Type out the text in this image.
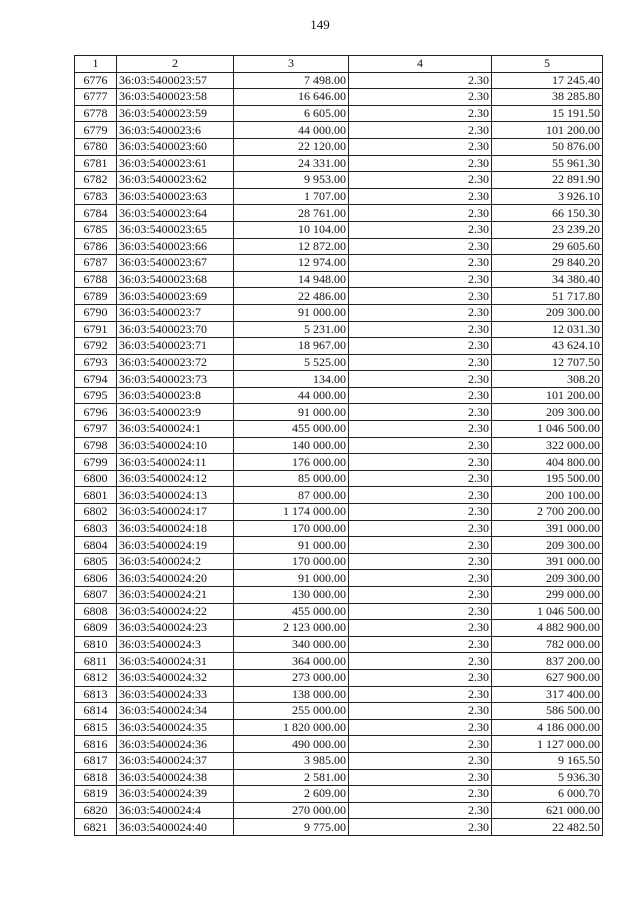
149
1	2	3	4	5
6776	36:03:5400023:57	7 498.00	2.30	17 245.40
6777	36:03:5400023:58	16 646.00	2.30	38 285.80
6778	36:03:5400023:59	6 605.00	2.30	15 191.50
6779	36:03:5400023:6	44 000.00	2.30	101 200.00
6780	36:03:5400023:60	22 120.00	2.30	50 876.00
6781	36:03:5400023:61	24 331.00	2.30	55 961.30
6782	36:03:5400023:62	9 953.00	2.30	22 891.90
6783	36:03:5400023:63	1 707.00	2.30	3 926.10
6784	36:03:5400023:64	28 761.00	2.30	66 150.30
6785	36:03:5400023:65	10 104.00	2.30	23 239.20
6786	36:03:5400023:66	12 872.00	2.30	29 605.60
6787	36:03:5400023:67	12 974.00	2.30	29 840.20
6788	36:03:5400023:68	14 948.00	2.30	34 380.40
6789	36:03:5400023:69	22 486.00	2.30	51 717.80
6790	36:03:5400023:7	91 000.00	2.30	209 300.00
6791	36:03:5400023:70	5 231.00	2.30	12 031.30
6792	36:03:5400023:71	18 967.00	2.30	43 624.10
6793	36:03:5400023:72	5 525.00	2.30	12 707.50
6794	36:03:5400023:73	134.00	2.30	308.20
6795	36:03:5400023:8	44 000.00	2.30	101 200.00
6796	36:03:5400023:9	91 000.00	2.30	209 300.00
6797	36:03:5400024:1	455 000.00	2.30	1 046 500.00
6798	36:03:5400024:10	140 000.00	2.30	322 000.00
6799	36:03:5400024:11	176 000.00	2.30	404 800.00
6800	36:03:5400024:12	85 000.00	2.30	195 500.00
6801	36:03:5400024:13	87 000.00	2.30	200 100.00
6802	36:03:5400024:17	1 174 000.00	2.30	2 700 200.00
6803	36:03:5400024:18	170 000.00	2.30	391 000.00
6804	36:03:5400024:19	91 000.00	2.30	209 300.00
6805	36:03:5400024:2	170 000.00	2.30	391 000.00
6806	36:03:5400024:20	91 000.00	2.30	209 300.00
6807	36:03:5400024:21	130 000.00	2.30	299 000.00
6808	36:03:5400024:22	455 000.00	2.30	1 046 500.00
6809	36:03:5400024:23	2 123 000.00	2.30	4 882 900.00
6810	36:03:5400024:3	340 000.00	2.30	782 000.00
6811	36:03:5400024:31	364 000.00	2.30	837 200.00
6812	36:03:5400024:32	273 000.00	2.30	627 900.00
6813	36:03:5400024:33	138 000.00	2.30	317 400.00
6814	36:03:5400024:34	255 000.00	2.30	586 500.00
6815	36:03:5400024:35	1 820 000.00	2.30	4 186 000.00
6816	36:03:5400024:36	490 000.00	2.30	1 127 000.00
6817	36:03:5400024:37	3 985.00	2.30	9 165.50
6818	36:03:5400024:38	2 581.00	2.30	5 936.30
6819	36:03:5400024:39	2 609.00	2.30	6 000.70
6820	36:03:5400024:4	270 000.00	2.30	621 000.00
6821	36:03:5400024:40	9 775.00	2.30	22 482.50
